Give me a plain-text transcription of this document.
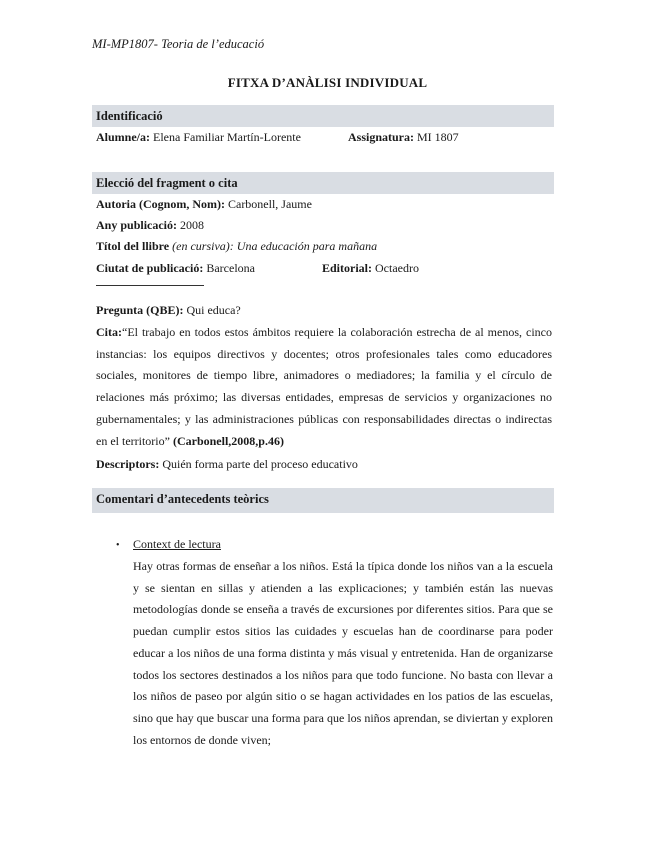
MI-MP1807- Teoria de l’educació
FITXA D’ANÀLISI INDIVIDUAL
Identificació
Alumne/a: Elena Familiar Martín-Lorente	Assignatura: MI 1807
Elecció del fragment o cita
Autoria (Cognom, Nom): Carbonell, Jaume
Any publicació: 2008
Títol del llibre (en cursiva): Una educación para mañana
Ciutat de publicació: Barcelona	Editorial: Octaedro
Pregunta (QBE): Qui educa?
Cita:“El trabajo en todos estos ámbitos requiere la colaboración estrecha de al menos, cinco instancias: los equipos directivos y docentes; otros profesionales tales como educadores sociales, monitores de tiempo libre, animadores o mediadores; la familia y el círculo de relaciones más próximo; las diversas entidades, empresas de servicios y organizaciones no gubernamentales; y las administraciones públicas con responsabilidades directas o indirectas en el territorio” (Carbonell,2008,p.46)
Descriptors: Quién forma parte del proceso educativo
Comentari d’antecedents teòrics
• Context de lectura
Hay otras formas de enseñar a los niños. Está la típica donde los niños van a la escuela y se sientan en sillas y atienden a las explicaciones; y también están las nuevas metodologías donde se enseña a través de excursiones por diferentes sitios. Para que se puedan cumplir estos sitios las cuidades y escuelas han de coordinarse para poder educar a los niños de una forma distinta y más visual y entretenida. Han de organizarse todos los sectores destinados a los niños para que todo funcione. No basta con llevar a los niños de paseo por algún sitio o se hagan actividades en los patios de las escuelas, sino que hay que buscar una forma para que los niños aprendan, se diviertan y exploren los entornos de donde viven;
